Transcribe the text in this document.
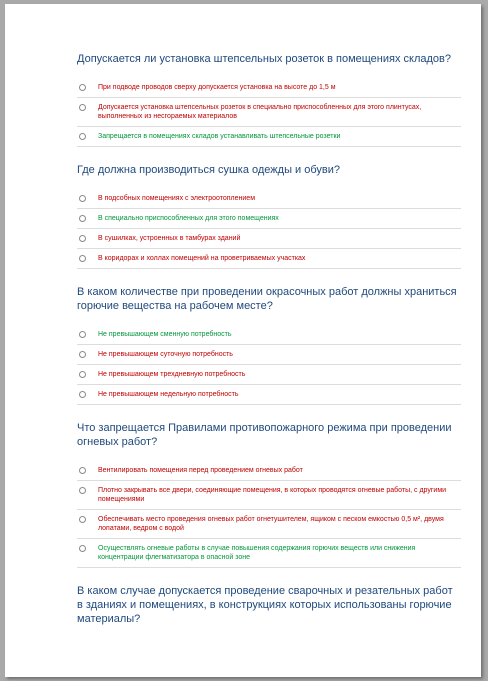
Допускается ли установка штепсельных розеток в помещениях складов?

При подводе проводов сверху допускается установка на высоте до 1,5 м
Допускается установка штепсельных розеток в специально приспособленных для этого плинтусах, выполненных из несгораемых материалов
Запрещается в помещениях складов устанавливать штепсельные розетки

Где должна производиться сушка одежды и обуви?

В подсобных помещениях с электроотоплением
В специально приспособленных для этого помещениях
В сушилках, устроенных в тамбурах зданий
В коридорах и холлах помещений на проветриваемых участках

В каком количестве при проведении окрасочных работ должны храниться горючие вещества на рабочем месте?

Не превышающем сменную потребность
Не превышающем суточную потребность
Не превышающем трехдневную потребность
Не превышающем недельную потребность

Что запрещается Правилами противопожарного режима при проведении огневых работ?

Вентилировать помещения перед проведением огневых работ
Плотно закрывать все двери, соединяющие помещения, в которых проводятся огневые работы, с другими помещениями
Обеспечивать место проведения огневых работ огнетушителем, ящиком с песком емкостью 0,5 м², двумя лопатами, ведром с водой
Осуществлять огневые работы в случае повышения содержания горючих веществ или снижения концентрации флегматизатора в опасной зоне

В каком случае допускается проведение сварочных и резательных работ в зданиях и помещениях, в конструкциях которых использованы горючие материалы?
